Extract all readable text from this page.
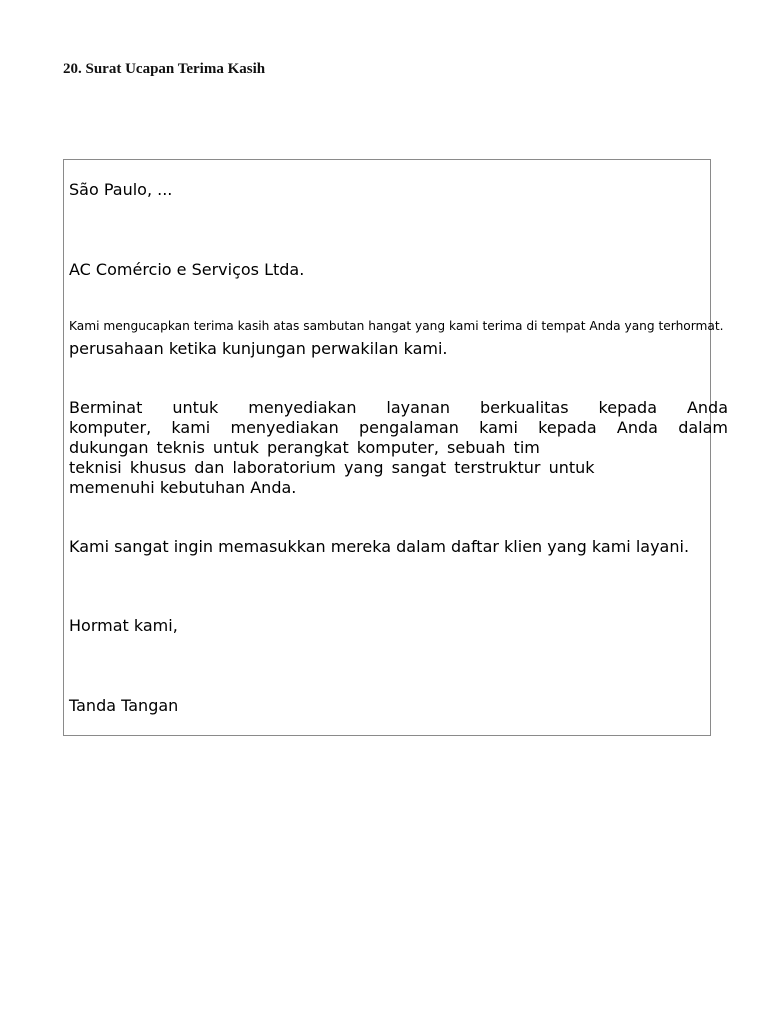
20. Surat Ucapan Terima Kasih
São Paulo, ...
AC Comércio e Serviços Ltda.
Kami mengucapkan terima kasih atas sambutan hangat yang kami terima di tempat Anda yang terhormat.
perusahaan ketika kunjungan perwakilan kami.
Berminat untuk menyediakan layanan berkualitas kepada Anda
komputer, kami menyediakan pengalaman kami kepada Anda dalam
dukungan teknis untuk perangkat komputer, sebuah tim
teknisi khusus dan laboratorium yang sangat terstruktur untuk
memenuhi kebutuhan Anda.
Kami sangat ingin memasukkan mereka dalam daftar klien yang kami layani.
Hormat kami,
Tanda Tangan
